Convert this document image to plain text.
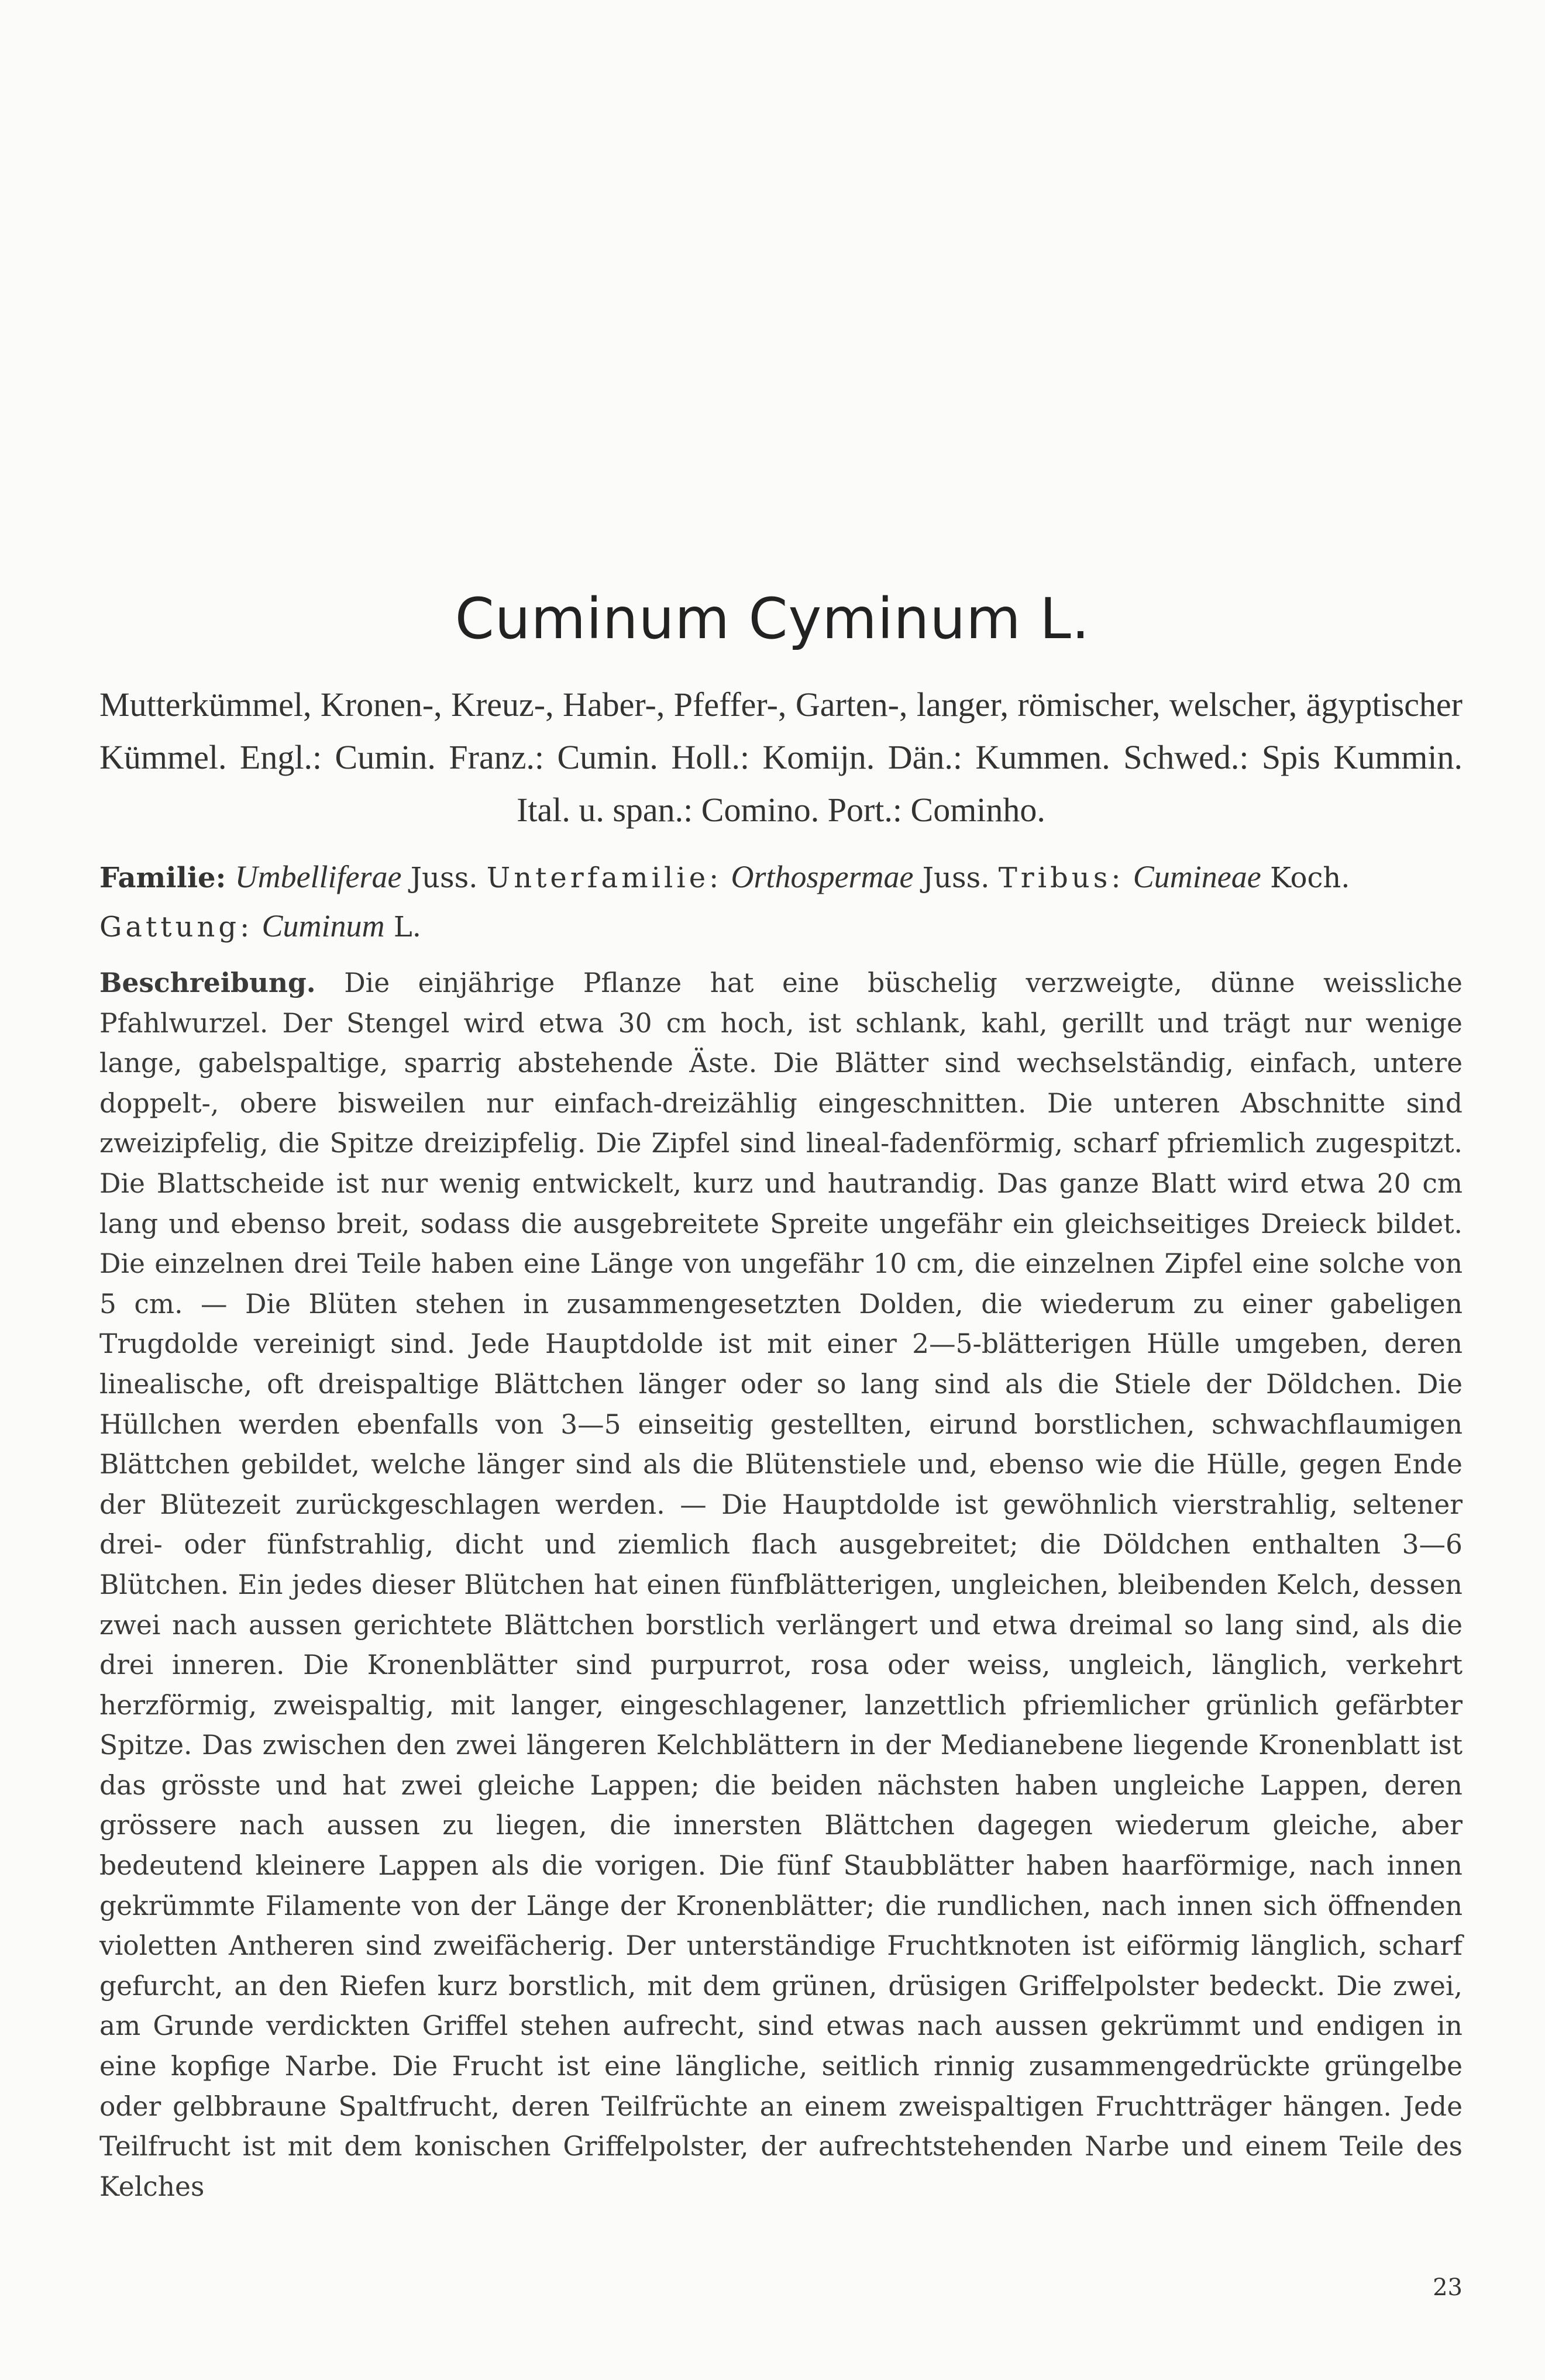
Cuminum Cyminum L.
Mutterkümmel, Kronen-, Kreuz-, Haber-, Pfeffer-, Garten-, langer, römischer, welscher, ägyptischer Kümmel. Engl.: Cumin. Franz.: Cumin. Holl.: Komijn. Dän.: Kummen. Schwed.: Spis Kummin. Ital. u. span.: Comino. Port.: Cominho.
Familie: Umbelliferae Juss. Unterfamilie: Orthospermae Juss. Tribus: Cumineae Koch.
Gattung: Cuminum L.
Beschreibung. Die einjährige Pflanze hat eine büschelig verzweigte, dünne weissliche Pfahlwurzel. Der Stengel wird etwa 30 cm hoch, ist schlank, kahl, gerillt und trägt nur wenige lange, gabelspaltige, sparrig abstehende Äste. Die Blätter sind wechselständig, einfach, untere doppelt-, obere bisweilen nur einfach-dreizählig eingeschnitten. Die unteren Abschnitte sind zweizipfelig, die Spitze dreizipfelig. Die Zipfel sind lineal-fadenförmig, scharf pfriemlich zugespitzt. Die Blattscheide ist nur wenig entwickelt, kurz und hautrandig. Das ganze Blatt wird etwa 20 cm lang und ebenso breit, sodass die ausgebreitete Spreite ungefähr ein gleichseitiges Dreieck bildet. Die einzelnen drei Teile haben eine Länge von ungefähr 10 cm, die einzelnen Zipfel eine solche von 5 cm. — Die Blüten stehen in zusammengesetzten Dolden, die wiederum zu einer gabeligen Trugdolde vereinigt sind. Jede Hauptdolde ist mit einer 2—5-blätterigen Hülle umgeben, deren linealische, oft dreispaltige Blättchen länger oder so lang sind als die Stiele der Döldchen. Die Hüllchen werden ebenfalls von 3—5 einseitig gestellten, eirund borstlichen, schwachflaumigen Blättchen gebildet, welche länger sind als die Blütenstiele und, ebenso wie die Hülle, gegen Ende der Blütezeit zurückgeschlagen werden. — Die Hauptdolde ist gewöhnlich vierstrahlig, seltener drei- oder fünfstrahlig, dicht und ziemlich flach ausgebreitet; die Döldchen enthalten 3—6 Blütchen. Ein jedes dieser Blütchen hat einen fünfblätterigen, ungleichen, bleibenden Kelch, dessen zwei nach aussen gerichtete Blättchen borstlich verlängert und etwa dreimal so lang sind, als die drei inneren. Die Kronenblätter sind purpurrot, rosa oder weiss, ungleich, länglich, verkehrt herzförmig, zweispaltig, mit langer, eingeschlagener, lanzettlich pfriemlicher grünlich gefärbter Spitze. Das zwischen den zwei längeren Kelchblättern in der Medianebene liegende Kronenblatt ist das grösste und hat zwei gleiche Lappen; die beiden nächsten haben ungleiche Lappen, deren grössere nach aussen zu liegen, die innersten Blättchen dagegen wiederum gleiche, aber bedeutend kleinere Lappen als die vorigen. Die fünf Staubblätter haben haarförmige, nach innen gekrümmte Filamente von der Länge der Kronenblätter; die rundlichen, nach innen sich öffnenden violetten Antheren sind zweifächerig. Der unterständige Fruchtknoten ist eiförmig länglich, scharf gefurcht, an den Riefen kurz borstlich, mit dem grünen, drüsigen Griffelpolster bedeckt. Die zwei, am Grunde verdickten Griffel stehen aufrecht, sind etwas nach aussen gekrümmt und endigen in eine kopfige Narbe. Die Frucht ist eine längliche, seitlich rinnig zusammengedrückte grüngelbe oder gelbbraune Spaltfrucht, deren Teilfrüchte an einem zweispaltigen Fruchtträger hängen. Jede Teilfrucht ist mit dem konischen Griffelpolster, der aufrechtstehenden Narbe und einem Teile des Kelches
23
